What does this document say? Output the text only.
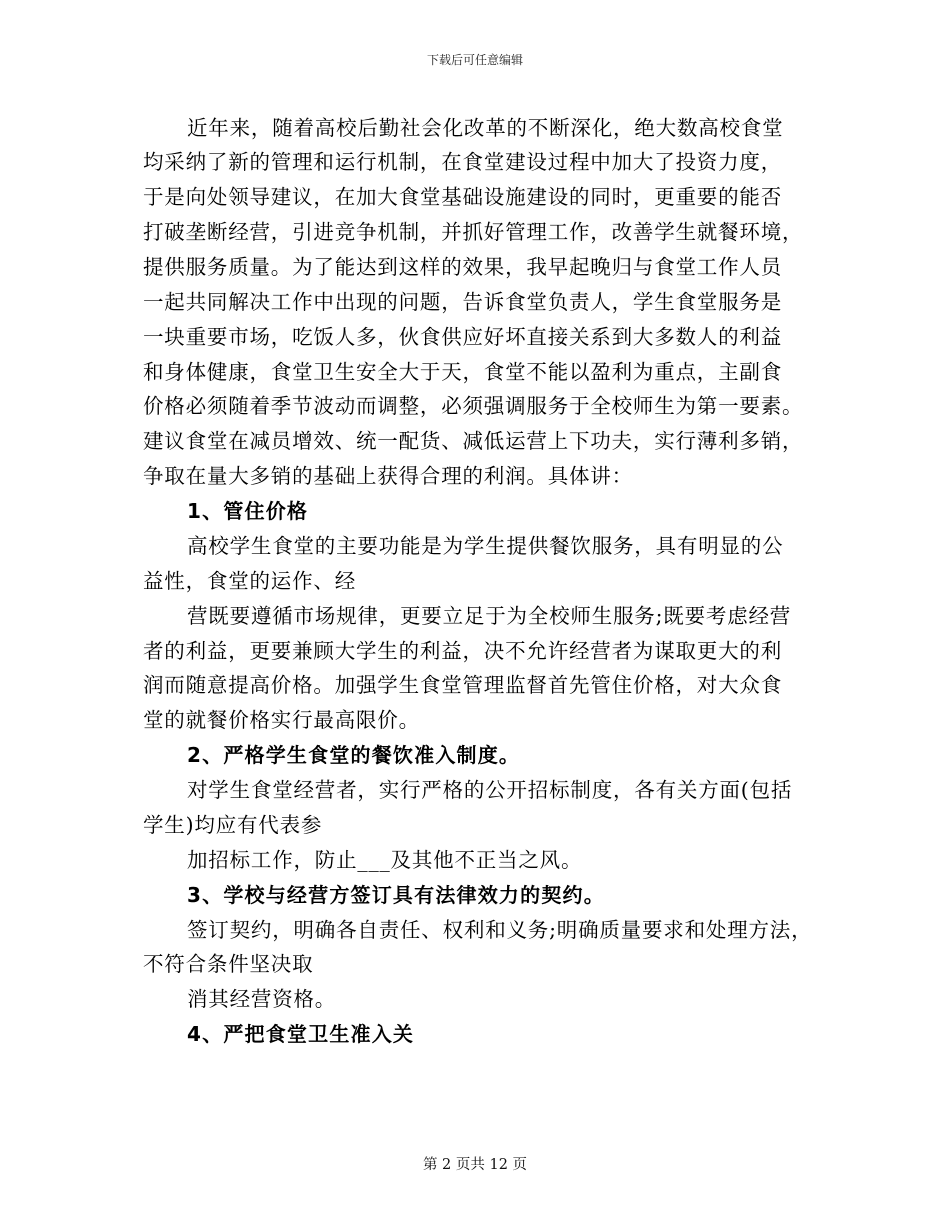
下载后可任意编辑
近年来，随着高校后勤社会化改革的不断深化，绝大数高校食堂
均采纳了新的管理和运行机制，在食堂建设过程中加大了投资力度，
于是向处领导建议，在加大食堂基础设施建设的同时，更重要的能否
打破垄断经营，引进竞争机制，并抓好管理工作，改善学生就餐环境，
提供服务质量。为了能达到这样的效果，我早起晚归与食堂工作人员
一起共同解决工作中出现的问题，告诉食堂负责人，学生食堂服务是
一块重要市场，吃饭人多，伙食供应好坏直接关系到大多数人的利益
和身体健康，食堂卫生安全大于天，食堂不能以盈利为重点，主副食
价格必须随着季节波动而调整，必须强调服务于全校师生为第一要素。
建议食堂在减员增效、统一配货、减低运营上下功夫，实行薄利多销，
争取在量大多销的基础上获得合理的利润。具体讲：
1、管住价格
高校学生食堂的主要功能是为学生提供餐饮服务，具有明显的公
益性，食堂的运作、经
营既要遵循市场规律，更要立足于为全校师生服务;既要考虑经营
者的利益，更要兼顾大学生的利益，决不允许经营者为谋取更大的利
润而随意提高价格。加强学生食堂管理监督首先管住价格，对大众食
堂的就餐价格实行最高限价。
2、严格学生食堂的餐饮准入制度。
对学生食堂经营者，实行严格的公开招标制度，各有关方面(包括
学生)均应有代表参
加招标工作，防止___及其他不正当之风。
3、学校与经营方签订具有法律效力的契约。
签订契约，明确各自责任、权利和义务;明确质量要求和处理方法，
不符合条件坚决取
消其经营资格。
4、严把食堂卫生准入关
第 2 页共 12 页
